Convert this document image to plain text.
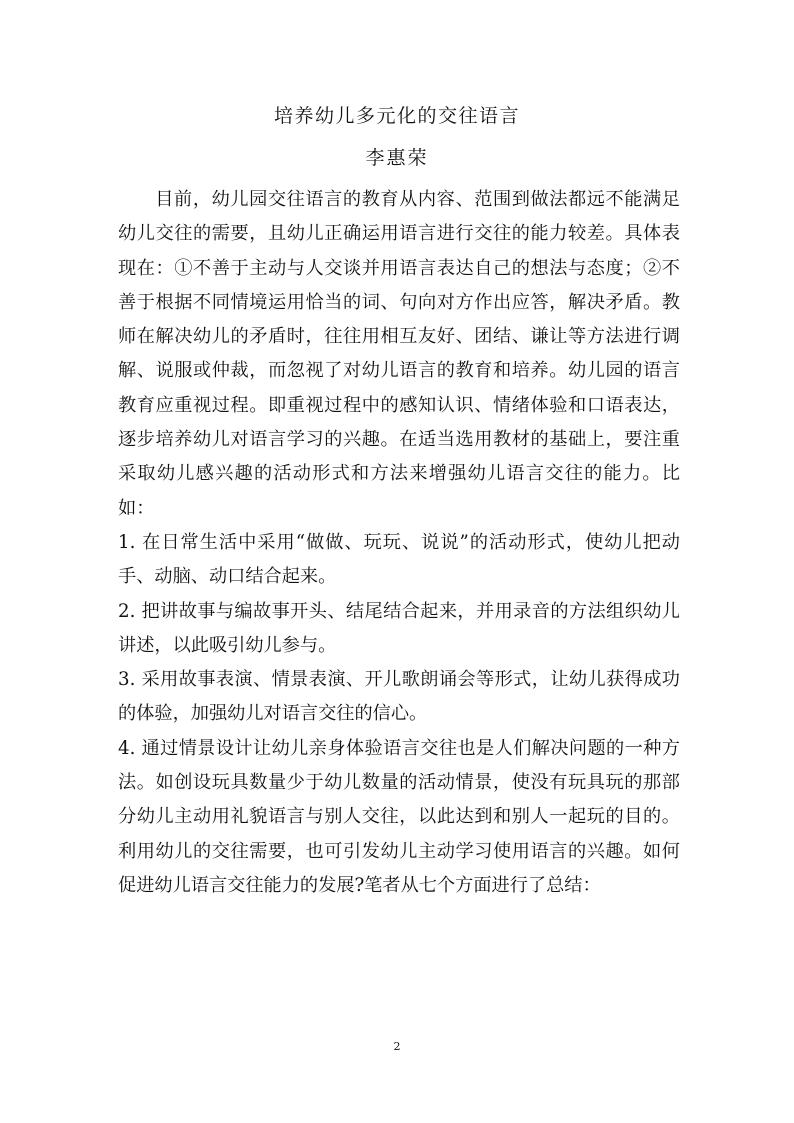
培养幼儿多元化的交往语言
李惠荣

目前，幼儿园交往语言的教育从内容、范围到做法都远不能满足幼儿交往的需要，且幼儿正确运用语言进行交往的能力较差。具体表现在：①不善于主动与人交谈并用语言表达自己的想法与态度；②不善于根据不同情境运用恰当的词、句向对方作出应答，解决矛盾。教师在解决幼儿的矛盾时，往往用相互友好、团结、谦让等方法进行调解、说服或仲裁，而忽视了对幼儿语言的教育和培养。幼儿园的语言教育应重视过程。即重视过程中的感知认识、情绪体验和口语表达，逐步培养幼儿对语言学习的兴趣。在适当选用教材的基础上，要注重采取幼儿感兴趣的活动形式和方法来增强幼儿语言交往的能力。比如：

1. 在日常生活中采用“做做、玩玩、说说”的活动形式，使幼儿把动手、动脑、动口结合起来。

2. 把讲故事与编故事开头、结尾结合起来，并用录音的方法组织幼儿讲述，以此吸引幼儿参与。

3. 采用故事表演、情景表演、开儿歌朗诵会等形式，让幼儿获得成功的体验，加强幼儿对语言交往的信心。

4. 通过情景设计让幼儿亲身体验语言交往也是人们解决问题的一种方法。如创设玩具数量少于幼儿数量的活动情景，使没有玩具玩的那部分幼儿主动用礼貌语言与别人交往，以此达到和别人一起玩的目的。利用幼儿的交往需要，也可引发幼儿主动学习使用语言的兴趣。如何促进幼儿语言交往能力的发展?笔者从七个方面进行了总结：

2
